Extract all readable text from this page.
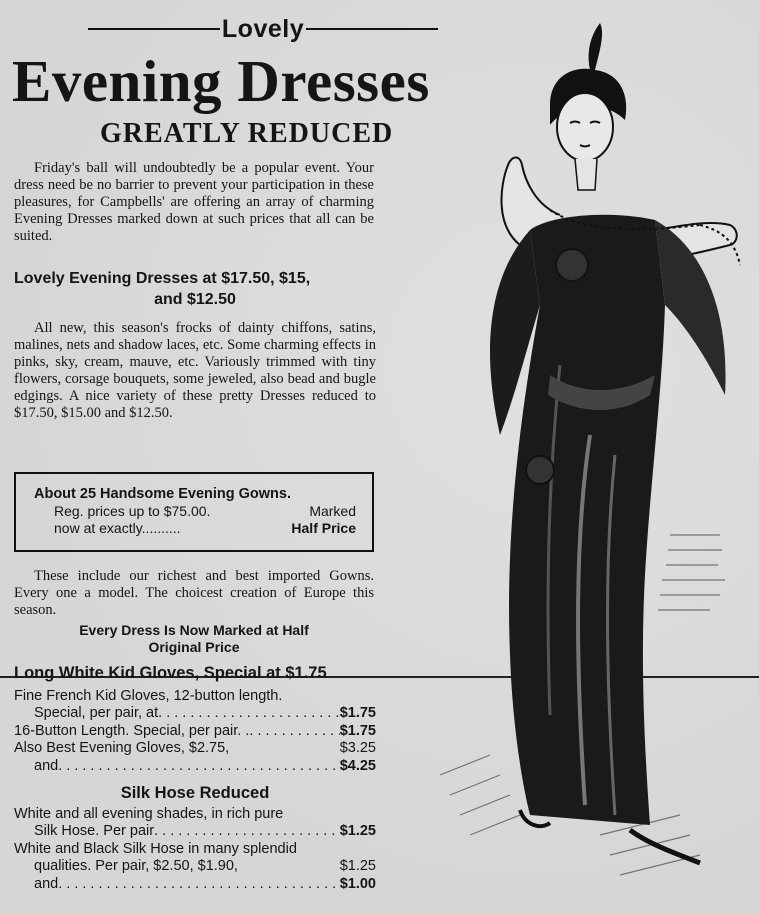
Lovely
Evening Dresses
GREATLY REDUCED

Friday's ball will undoubtedly be a popular event. Your dress need be no barrier to prevent your participation in these pleasures, for Campbells' are offering an array of charming Evening Dresses marked down at such prices that all can be suited.

Lovely Evening Dresses at $17.50, $15,
and $12.50

All new, this season's frocks of dainty chiffons, satins, malines, nets and shadow laces, etc. Some charming effects in pinks, sky, cream, mauve, etc. Variously trimmed with tiny flowers, corsage bouquets, some jeweled, also bead and bugle edgings. A nice variety of these pretty Dresses reduced to $17.50, $15.00 and $12.50.

About 25 Handsome Evening Gowns.
Reg. prices up to $75.00.	Marked
now at exactly..........	Half Price

These include our richest and best imported Gowns. Every one a model. The choicest creation of Europe this season.

Every Dress Is Now Marked at Half
Original Price
Long White Kid Gloves, Special at $1.75
Fine French Kid Gloves, 12-button length.
Special, per pair, at . . .	$1.75
16-Button Length. Special, per pair. . . . .	$1.75
Also Best Evening Gloves, $2.75,	$3.25
and . . .	$4.25
Silk Hose Reduced
White and all evening shades, in rich pure
Silk Hose. Per pair . . .	$1.25
White and Black Silk Hose in many splendid
qualities. Per pair, $2.50, $1.90,	$1.25
and . . .	$1.00
